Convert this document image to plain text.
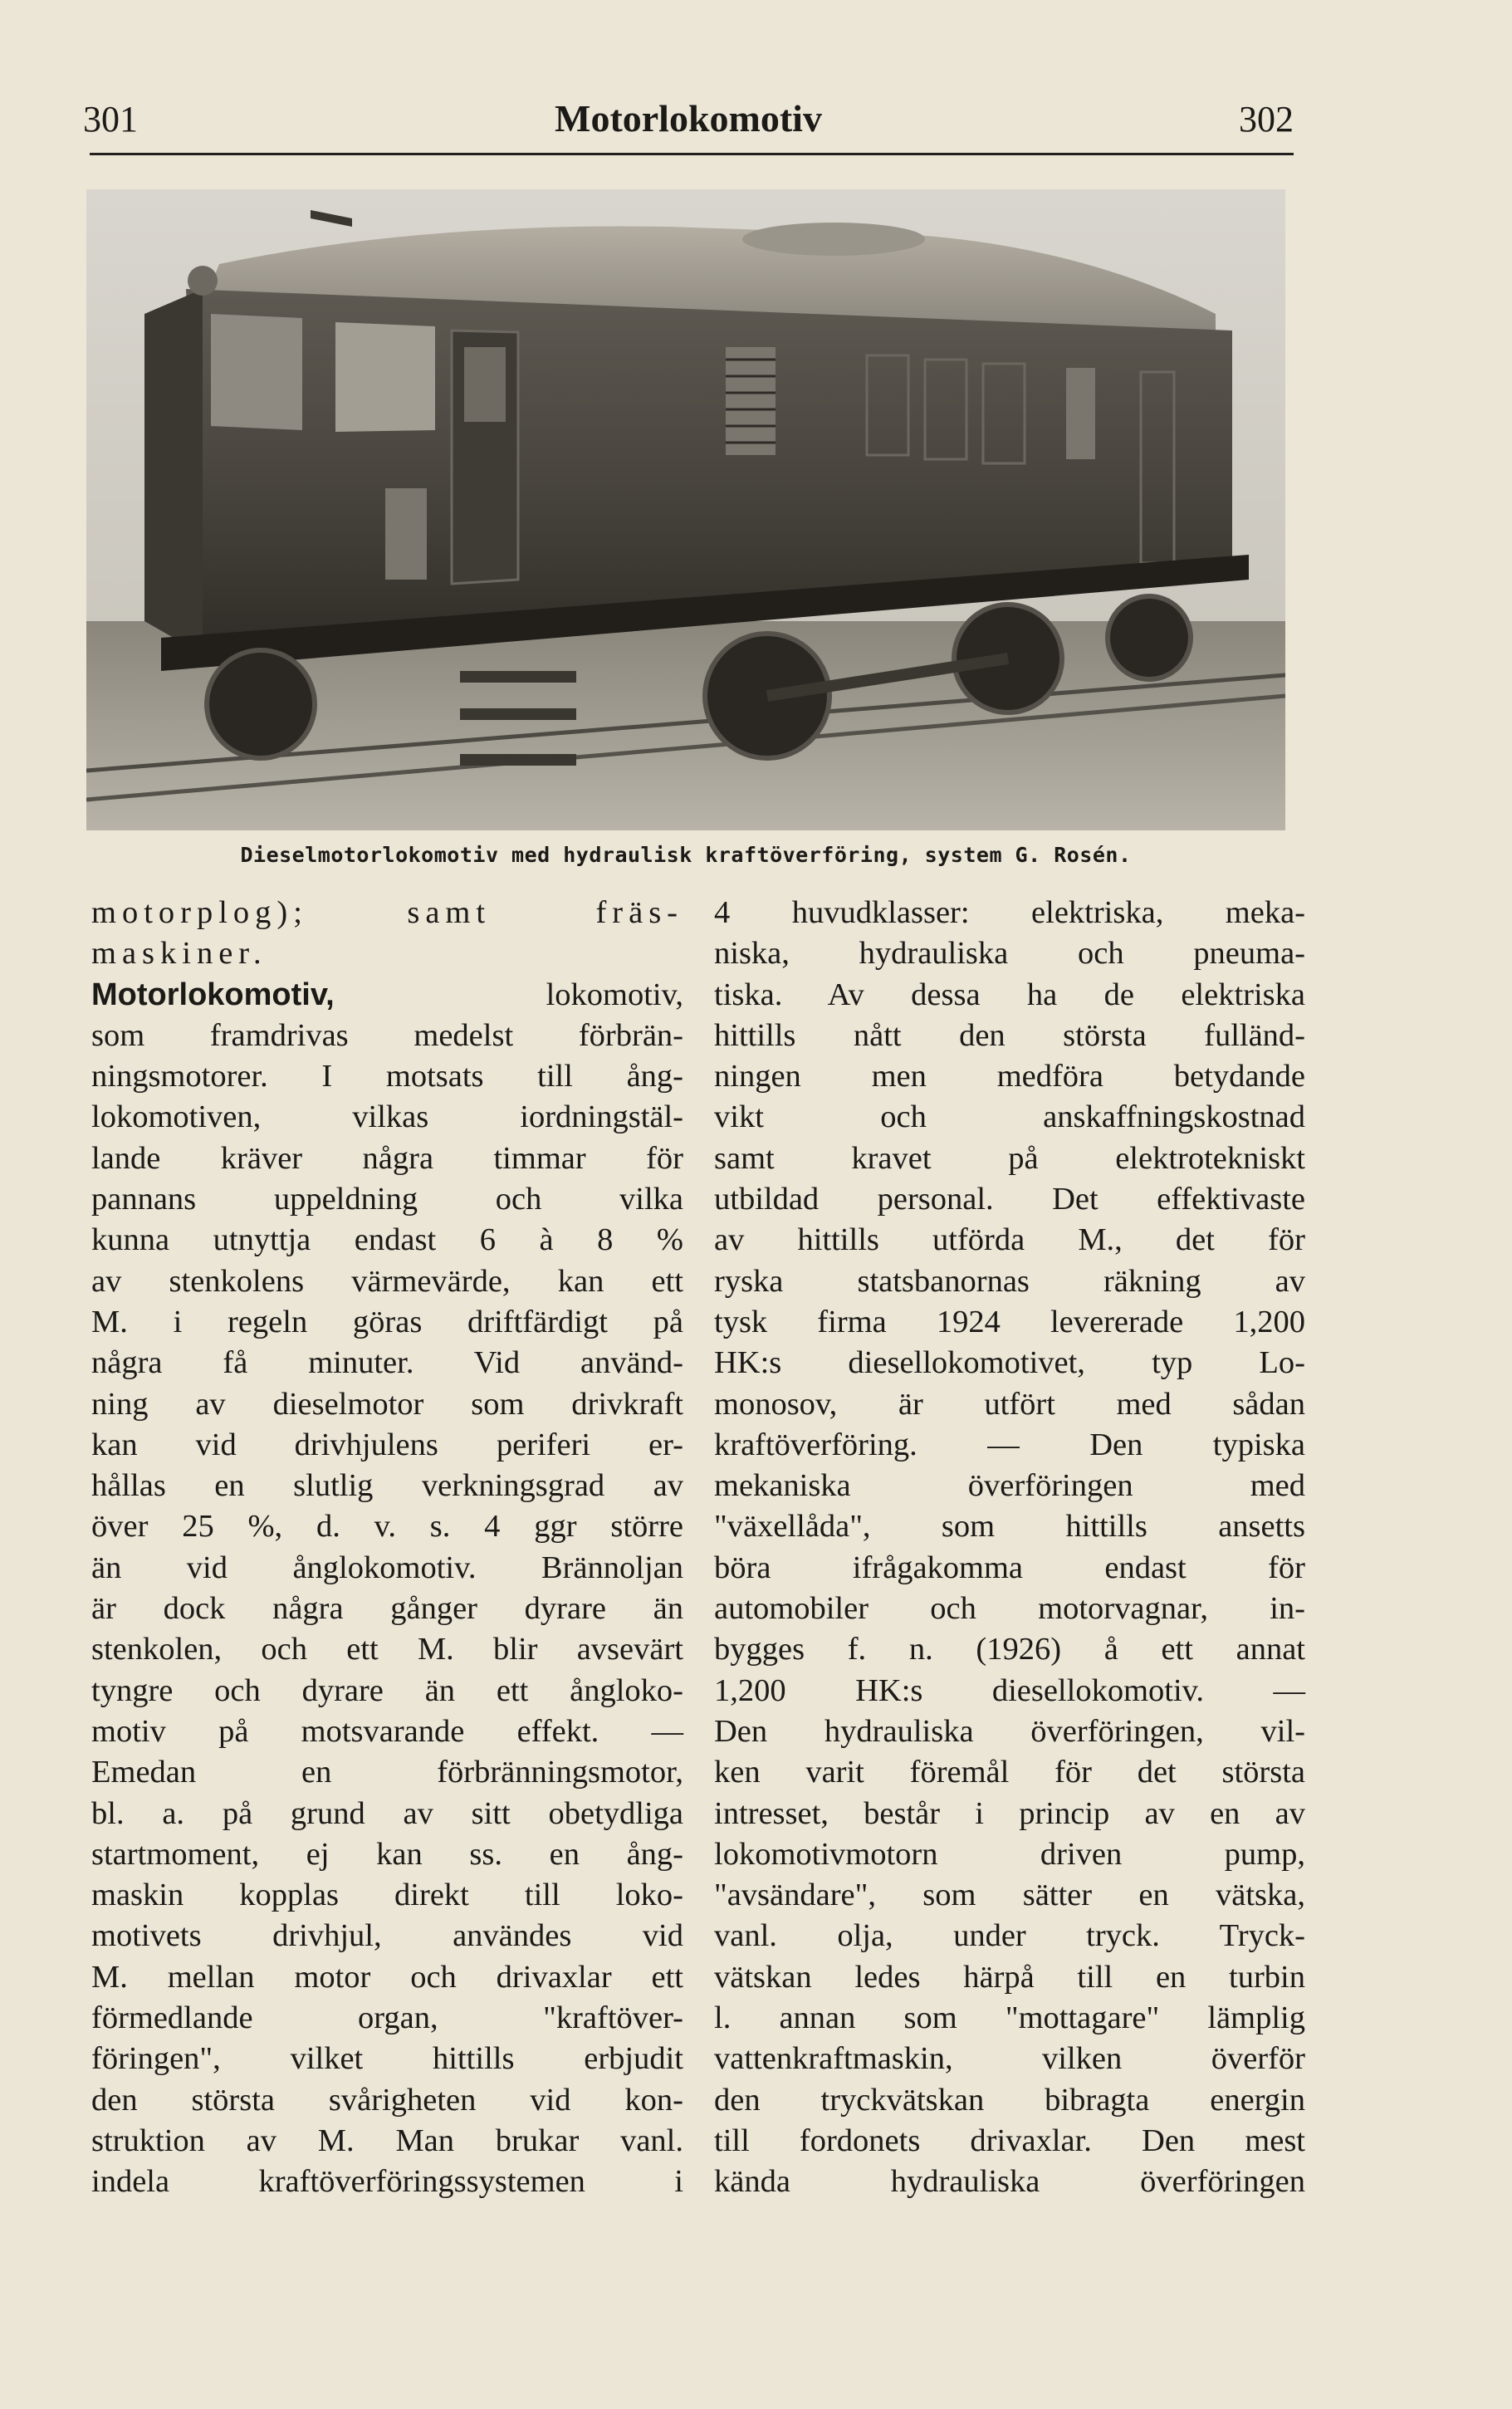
301	Motorlokomotiv	302
Dieselmotorlokomotiv med hydraulisk kraftöverföring, system G. Rosén.
motorplog);	samt fräs-
maskiner.
Motorlokomotiv,	lokomotiv,
som framdrivas medelst förbrän-
ningsmotorer. I motsats till ång-
lokomotiven, vilkas iordningstäl-
lande kräver några timmar för
pannans uppeldning och vilka
kunna utnyttja endast 6 à 8 %
av stenkolens värmevärde, kan ett
M. i regeln göras driftfärdigt på
några få minuter. Vid använd-
ning av dieselmotor som drivkraft
kan vid drivhjulens periferi er-
hållas en slutlig verkningsgrad av
över 25 %, d. v. s. 4 ggr större
än vid ånglokomotiv. Brännoljan
är dock några gånger dyrare än
stenkolen, och ett M. blir avsevärt
tyngre och dyrare än ett ångloko-
motiv på motsvarande effekt. —
Emedan en förbränningsmotor,
bl. a. på grund av sitt obetydliga
startmoment, ej kan ss. en ång-
maskin kopplas direkt till loko-
motivets drivhjul, användes vid
M. mellan motor och drivaxlar ett
förmedlande organ, "kraftöver-
föringen", vilket hittills erbjudit
den största svårigheten vid kon-
struktion av M. Man brukar vanl.
indela kraftöverföringssystemen i
4 huvudklasser: elektriska, meka-
niska, hydrauliska och pneuma-
tiska. Av dessa ha de elektriska
hittills nått den största fulländ-
ningen men medföra betydande
vikt och anskaffningskostnad
samt kravet på elektrotekniskt
utbildad personal. Det effektivaste
av hittills utförda M., det för
ryska statsbanornas räkning av
tysk firma 1924 levererade 1,200
HK:s diesellokomotivet, typ Lo-
monosov, är utfört med sådan
kraftöverföring. — Den typiska
mekaniska överföringen med
"växellåda", som hittills ansetts
böra ifrågakomma endast för
automobiler och motorvagnar, in-
bygges f. n. (1926) å ett annat
1,200 HK:s diesellokomotiv. —
Den hydrauliska överföringen, vil-
ken varit föremål för det största
intresset, består i princip av en av
lokomotivmotorn driven pump,
"avsändare", som sätter en vätska,
vanl. olja, under tryck. Tryck-
vätskan ledes härpå till en turbin
l. annan som "mottagare" lämplig
vattenkraftmaskin, vilken överför
den tryckvätskan bibragta energin
till fordonets drivaxlar. Den mest
kända hydrauliska överföringen
